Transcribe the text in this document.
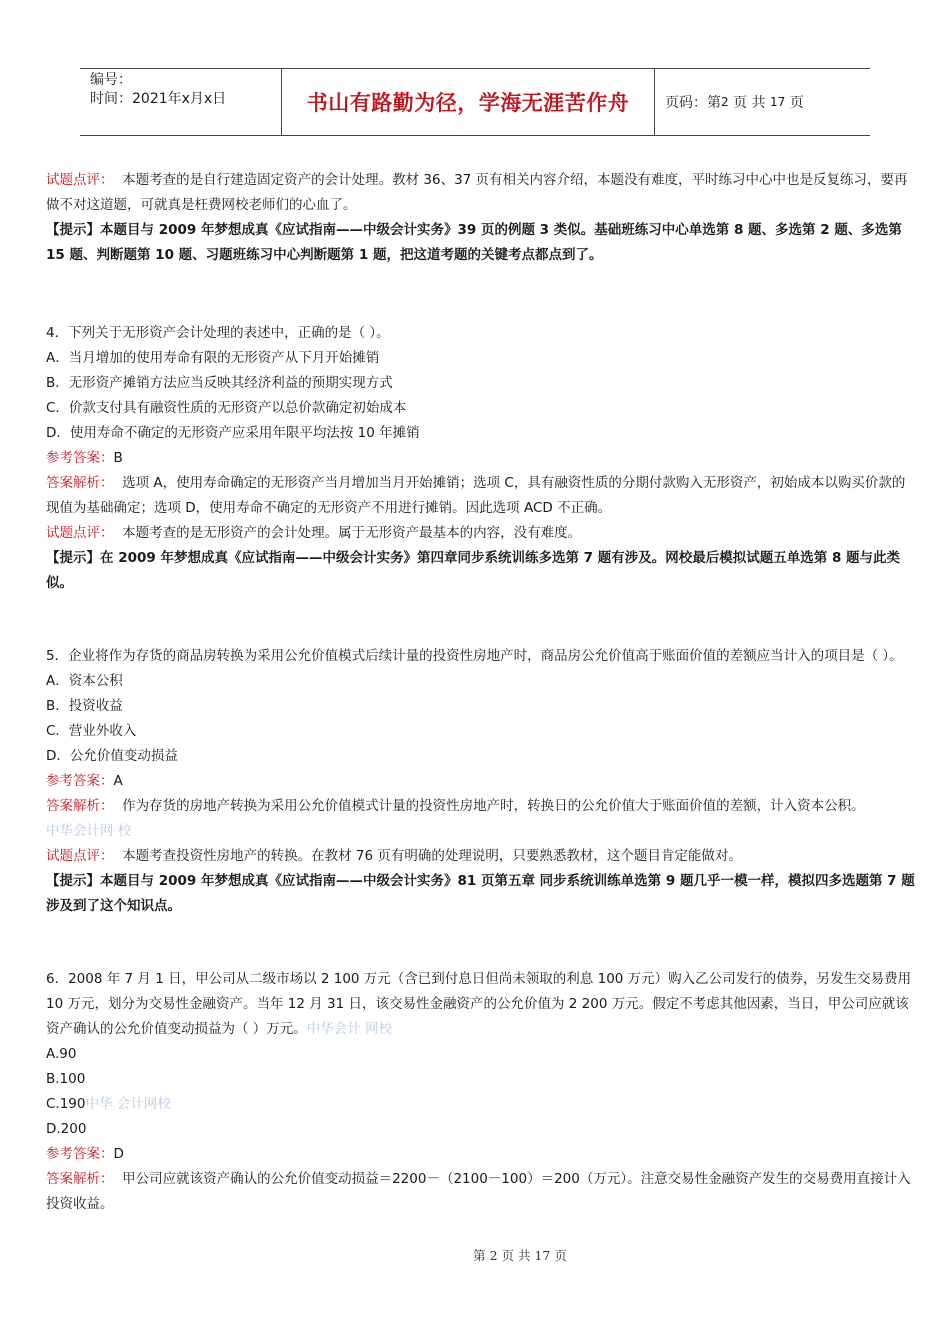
编号：
时间：2021年x月x日	书山有路勤为径，学海无涯苦作舟	页码：第 2
页 共
17
页

试题点评： 本题考查的是自行建造固定资产的会计处理。教材 36、37 页有相关内容介绍，本题没有难度，平时练习中心中也是反复练习，要再做不对这道题，可就真是枉费网校老师们的心血了。

【提示】本题目与 2009 年梦想成真《应试指南——中级会计实务》39 页的例题 3 类似。基础班练习中心单选第 8 题、多选第 2 题、多选第 15 题、判断题第 10 题、习题班练习中心判断题第 1 题，把这道考题的关键考点都点到了。

4．下列关于无形资产会计处理的表述中，正确的是（ ）。

A．当月增加的使用寿命有限的无形资产从下月开始摊销

B．无形资产摊销方法应当反映其经济利益的预期实现方式

C．价款支付具有融资性质的无形资产以总价款确定初始成本

D．使用寿命不确定的无形资产应采用年限平均法按 10 年摊销

参考答案：B

答案解析： 选项 A，使用寿命确定的无形资产当月增加当月开始摊销；选项 C，具有融资性质的分期付款购入无形资产，初始成本以购买价款的现值为基础确定；选项 D，使用寿命不确定的无形资产不用进行摊销。因此选项 ACD 不正确。

试题点评： 本题考查的是无形资产的会计处理。属于无形资产最基本的内容，没有难度。

【提示】在 2009 年梦想成真《应试指南——中级会计实务》第四章同步系统训练多选第 7 题有涉及。网校最后模拟试题五单选第 8 题与此类似。

5．企业将作为存货的商品房转换为采用公允价值模式后续计量的投资性房地产时，商品房公允价值高于账面价值的差额应当计入的项目是（ ）。

A．资本公积

B．投资收益

C．营业外收入

D．公允价值变动损益

参考答案：A

答案解析： 作为存货的房地产转换为采用公允价值模式计量的投资性房地产时，转换日的公允价值大于账面价值的差额，计入资本公积。

中华会计网 校

试题点评： 本题考查投资性房地产的转换。在教材 76 页有明确的处理说明，只要熟悉教材，这个题目肯定能做对。

【提示】本题目与 2009 年梦想成真《应试指南——中级会计实务》81 页第五章 同步系统训练单选第 9 题几乎一模一样，模拟四多选题第 7 题涉及到了这个知识点。

6．2008 年 7 月 1 日，甲公司从二级市场以 2 100 万元（含已到付息日但尚未领取的利息 100 万元）购入乙公司发行的债券，另发生交易费用 10 万元，划分为交易性金融资产。当年 12 月 31 日，该交易性金融资产的公允价值为 2 200 万元。假定不考虑其他因素，当日，甲公司应就该资产确认的公允价值变动损益为（ ）万元。中华会计 网校

A.90

B.100

C.190中华 会计网校

D.200

参考答案：D

答案解析： 甲公司应就该资产确认的公允价值变动损益＝2200－（2100－100）＝200（万元）。注意交易性金融资产发生的交易费用直接计入投资收益。

第 2 页 共 17 页
